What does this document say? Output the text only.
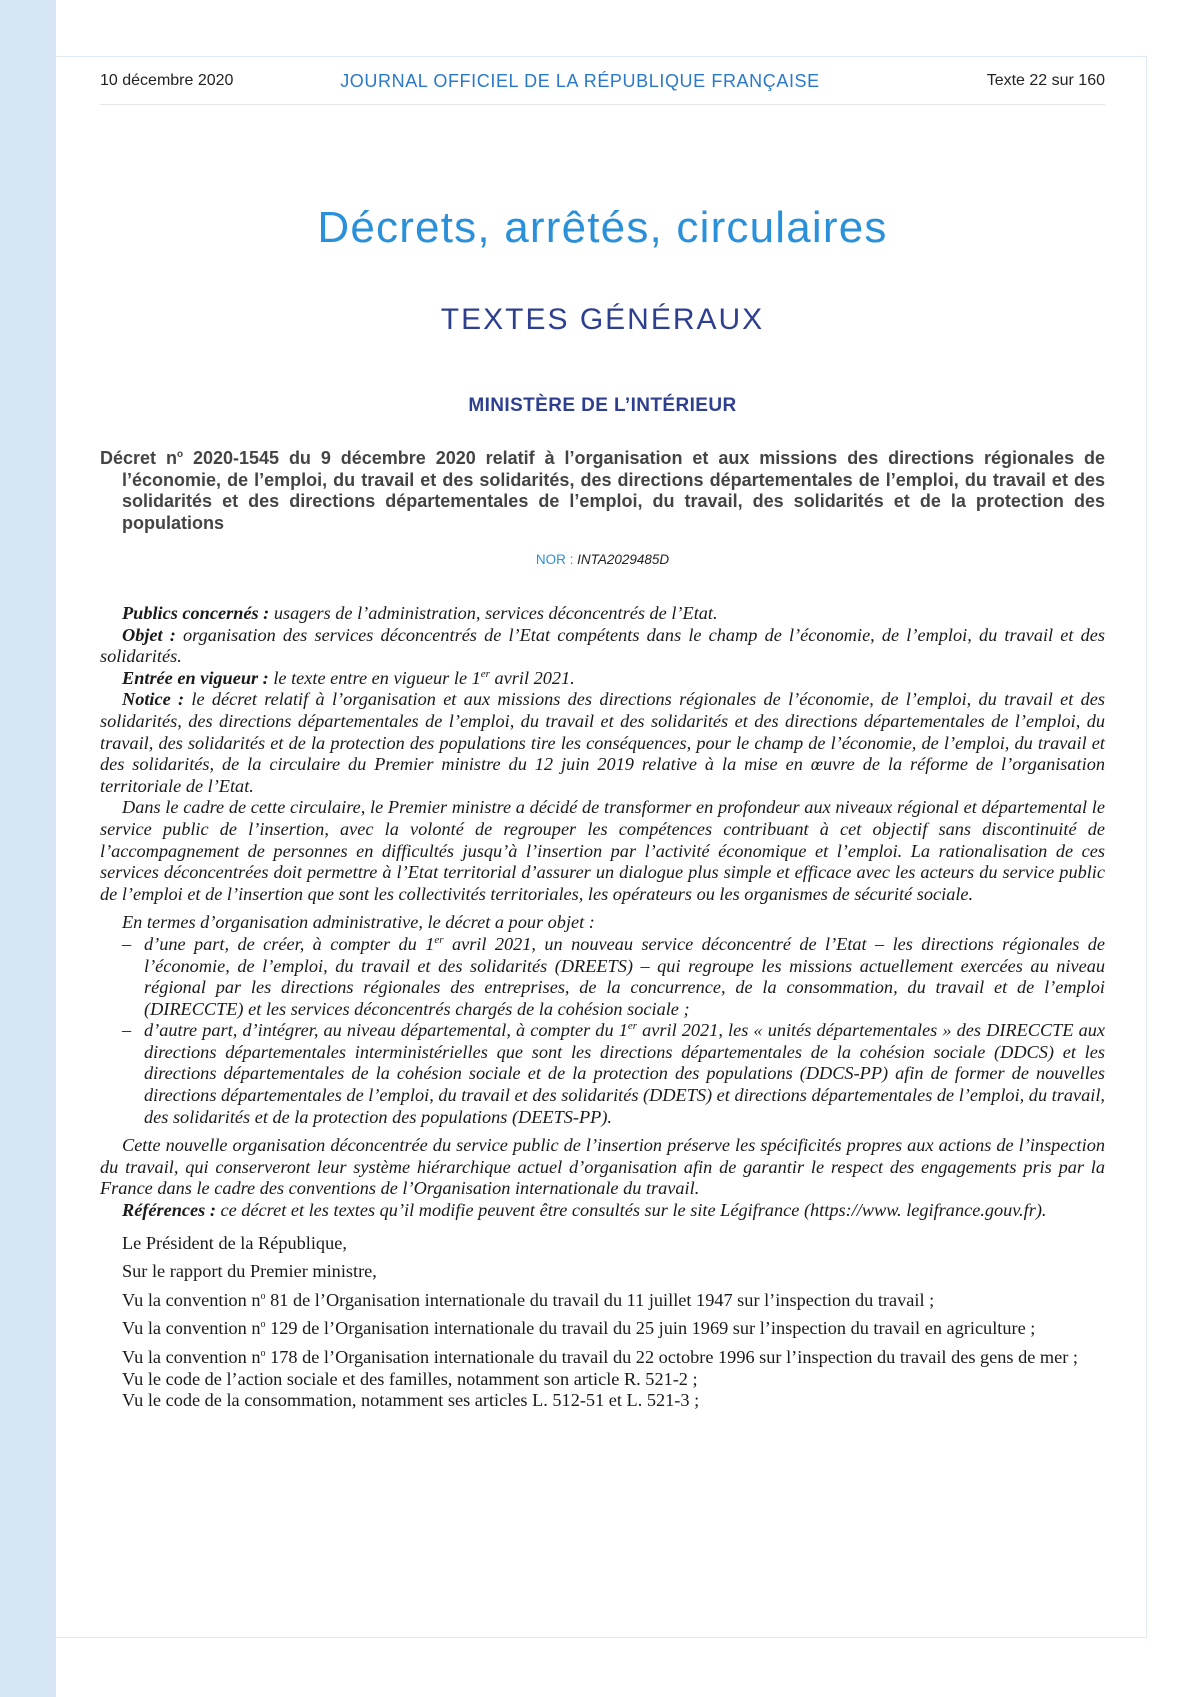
10 décembre 2020	JOURNAL OFFICIEL DE LA RÉPUBLIQUE FRANÇAISE	Texte 22 sur 160
Décrets, arrêtés, circulaires
TEXTES GÉNÉRAUX
MINISTÈRE DE L’INTÉRIEUR
Décret $n^o$ 2020-1545 du 9 décembre 2020 relatif à l’organisation et aux missions des directions régionales de l’économie, de l’emploi, du travail et des solidarités, des directions départementales de l’emploi, du travail et des solidarités et des directions départementales de l’emploi, du travail, des solidarités et de la protection des populations
NOR : INTA2029485D

Publics concernés : usagers de l’administration, services déconcentrés de l’Etat.

Objet : organisation des services déconcentrés de l’Etat compétents dans le champ de l’économie, de l’emploi, du travail et des solidarités.

Entrée en vigueur : le texte entre en vigueur le 1er avril 2021.

Notice : le décret relatif à l’organisation et aux missions des directions régionales de l’économie, de l’emploi, du travail et des solidarités, des directions départementales de l’emploi, du travail et des solidarités et des directions départementales de l’emploi, du travail, des solidarités et de la protection des populations tire les conséquences, pour le champ de l’économie, de l’emploi, du travail et des solidarités, de la circulaire du Premier ministre du 12 juin 2019 relative à la mise en œuvre de la réforme de l’organisation territoriale de l’Etat.

Dans le cadre de cette circulaire, le Premier ministre a décidé de transformer en profondeur aux niveaux régional et départemental le service public de l’insertion, avec la volonté de regrouper les compétences contribuant à cet objectif sans discontinuité de l’accompagnement de personnes en difficultés jusqu’à l’insertion par l’activité économique et l’emploi. La rationalisation de ces services déconcentrées doit permettre à l’Etat territorial d’assurer un dialogue plus simple et efficace avec les acteurs du service public de l’emploi et de l’insertion que sont les collectivités territoriales, les opérateurs ou les organismes de sécurité sociale.

En termes d’organisation administrative, le décret a pour objet :

– d’une part, de créer, à compter du 1er avril 2021, un nouveau service déconcentré de l’Etat – les directions régionales de l’économie, de l’emploi, du travail et des solidarités (DREETS) – qui regroupe les missions actuellement exercées au niveau régional par les directions régionales des entreprises, de la concurrence, de la consommation, du travail et de l’emploi (DIRECCTE) et les services déconcentrés chargés de la cohésion sociale ;
– d’autre part, d’intégrer, au niveau départemental, à compter du 1er avril 2021, les « unités départementales » des DIRECCTE aux directions départementales interministérielles que sont les directions départementales de la cohésion sociale (DDCS) et les directions départementales de la cohésion sociale et de la protection des populations (DDCS-PP) afin de former de nouvelles directions départementales de l’emploi, du travail et des solidarités (DDETS) et directions départementales de l’emploi, du travail, des solidarités et de la protection des populations (DEETS-PP).

Cette nouvelle organisation déconcentrée du service public de l’insertion préserve les spécificités propres aux actions de l’inspection du travail, qui conserveront leur système hiérarchique actuel d’organisation afin de garantir le respect des engagements pris par la France dans le cadre des conventions de l’Organisation internationale du travail.

Références : ce décret et les textes qu’il modifie peuvent être consultés sur le site Légifrance (https://www. legifrance.gouv.fr).

Le Président de la République,

Sur le rapport du Premier ministre,

Vu la convention $n^o$ 81 de l’Organisation internationale du travail du 11 juillet 1947 sur l’inspection du travail ;

Vu la convention $n^o$ 129 de l’Organisation internationale du travail du 25 juin 1969 sur l’inspection du travail en agriculture ;

Vu la convention $n^o$ 178 de l’Organisation internationale du travail du 22 octobre 1996 sur l’inspection du travail des gens de mer ;

Vu le code de l’action sociale et des familles, notamment son article R. 521-2 ;

Vu le code de la consommation, notamment ses articles L. 512-51 et L. 521-3 ;
